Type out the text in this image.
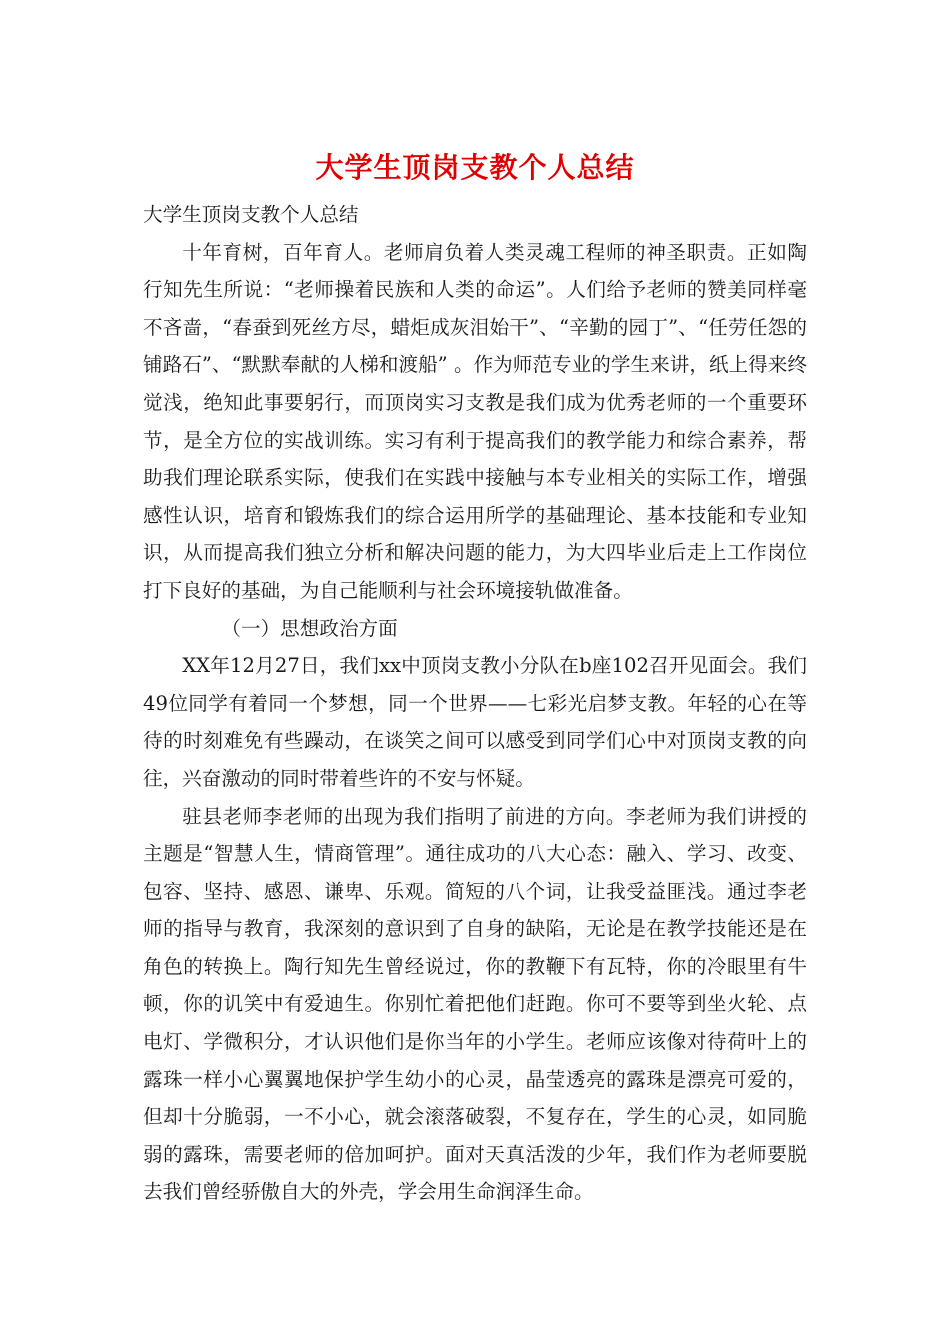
大学生顶岗支教个人总结

大学生顶岗支教个人总结

十年育树，百年育人。老师肩负着人类灵魂工程师的神圣职责。正如陶行知先生所说：“老师操着民族和人类的命运”。人们给予老师的赞美同样毫不吝啬，“春蚕到死丝方尽，蜡炬成灰泪始干”、“辛勤的园丁”、“任劳任怨的铺路石”、“默默奉献的人梯和渡船” 。作为师范专业的学生来讲，纸上得来终觉浅，绝知此事要躬行，而顶岗实习支教是我们成为优秀老师的一个重要环节，是全方位的实战训练。实习有利于提高我们的教学能力和综合素养，帮助我们理论联系实际，使我们在实践中接触与本专业相关的实际工作，增强感性认识，培育和锻炼我们的综合运用所学的基础理论、基本技能和专业知识，从而提高我们独立分析和解决问题的能力，为大四毕业后走上工作岗位打下良好的基础，为自己能顺利与社会环境接轨做准备。

（一）思想政治方面

XX年12月27日，我们xx中顶岗支教小分队在b座102召开见面会。我们49位同学有着同一个梦想，同一个世界——七彩光启梦支教。年轻的心在等待的时刻难免有些躁动，在谈笑之间可以感受到同学们心中对顶岗支教的向往，兴奋激动的同时带着些许的不安与怀疑。

驻县老师李老师的出现为我们指明了前进的方向。李老师为我们讲授的主题是“智慧人生，情商管理”。通往成功的八大心态：融入、学习、改变、包容、坚持、感恩、谦卑、乐观。简短的八个词，让我受益匪浅。通过李老师的指导与教育，我深刻的意识到了自身的缺陷，无论是在教学技能还是在角色的转换上。陶行知先生曾经说过，你的教鞭下有瓦特，你的冷眼里有牛顿，你的讥笑中有爱迪生。你别忙着把他们赶跑。你可不要等到坐火轮、点电灯、学微积分，才认识他们是你当年的小学生。老师应该像对待荷叶上的露珠一样小心翼翼地保护学生幼小的心灵，晶莹透亮的露珠是漂亮可爱的，但却十分脆弱，一不小心，就会滚落破裂，不复存在，学生的心灵，如同脆弱的露珠，需要老师的倍加呵护。面对天真活泼的少年，我们作为老师要脱去我们曾经骄傲自大的外壳，学会用生命润泽生命。
